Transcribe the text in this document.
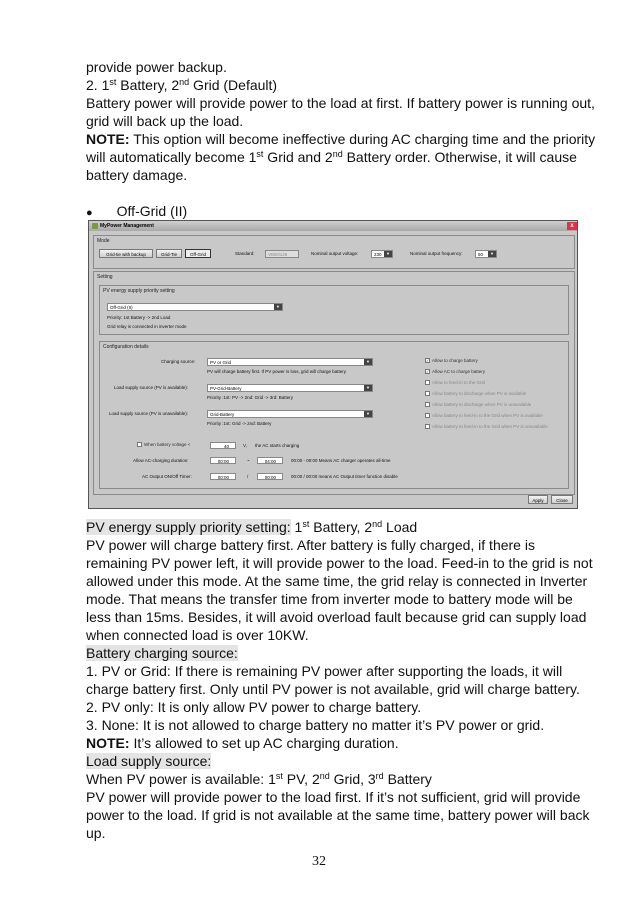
provide power backup.
2. 1st Battery, 2nd Grid (Default)
Battery power will provide power to the load at first. If battery power is running out,
grid will back up the load.
NOTE: This option will become ineffective during AC charging time and the priority
will automatically become 1st Grid and 2nd Battery order. Otherwise, it will cause
battery damage.
● Off-Grid (II)
MyPower Management	x
Mode
Grid-tie with backup	Grid-Tie	Off-Grid	Standard:	VDE0126	Nominal output voltage:	230	▼	Nominal output frequency:	50	▼
Setting
PV energy supply priority setting
Off-Grid (II)	▼
Priority: 1st Battery -> 2nd Load
Grid relay is connected in inverter mode
Configuration details
Charging source:	PV or Grid	▼
PV will charge battery first. If PV power is loss, grid will charge battery
Load supply source (PV is available):	PV-Grid-Battery	▼
Priority :1st: PV -> 2nd: Grid -> 3rd: Battery
Load supply source (PV is unavailable):	Grid-Battery	▼
Priority :1st: Grid -> 2nd: Battery
When battery voltage <	40	V, the AC starts charging
Allow AC-charging duration:	00:00	~	04:00	00:00 - 00:00 Means AC charger operates all-time
AC Output ON/Off Timer:	00:00	/	00:00	00:00 / 00:00 means AC Output timer function disable
✓ Allow to charge battery
✓ Allow AC to charge battery
Allow to feed-in to the Grid
Allow battery to discharge when PV is available
Allow battery to discharge when PV is unavailable
Allow battery to feed-in to the Grid when PV is available
Allow battery to feed-in to the Grid when PV is unavailable
Apply	Close
PV energy supply priority setting: 1st Battery, 2nd Load
PV power will charge battery first. After battery is fully charged, if there is
remaining PV power left, it will provide power to the load. Feed-in to the grid is not
allowed under this mode. At the same time, the grid relay is connected in Inverter
mode. That means the transfer time from inverter mode to battery mode will be
less than 15ms. Besides, it will avoid overload fault because grid can supply load
when connected load is over 10KW.
Battery charging source:
1. PV or Grid: If there is remaining PV power after supporting the loads, it will
charge battery first. Only until PV power is not available, grid will charge battery.
2. PV only: It is only allow PV power to charge battery.
3. None: It is not allowed to charge battery no matter it’s PV power or grid.
NOTE: It’s allowed to set up AC charging duration.
Load supply source:
When PV power is available: 1st PV, 2nd Grid, 3rd Battery
PV power will provide power to the load first. If it’s not sufficient, grid will provide
power to the load. If grid is not available at the same time, battery power will back
up.
32
